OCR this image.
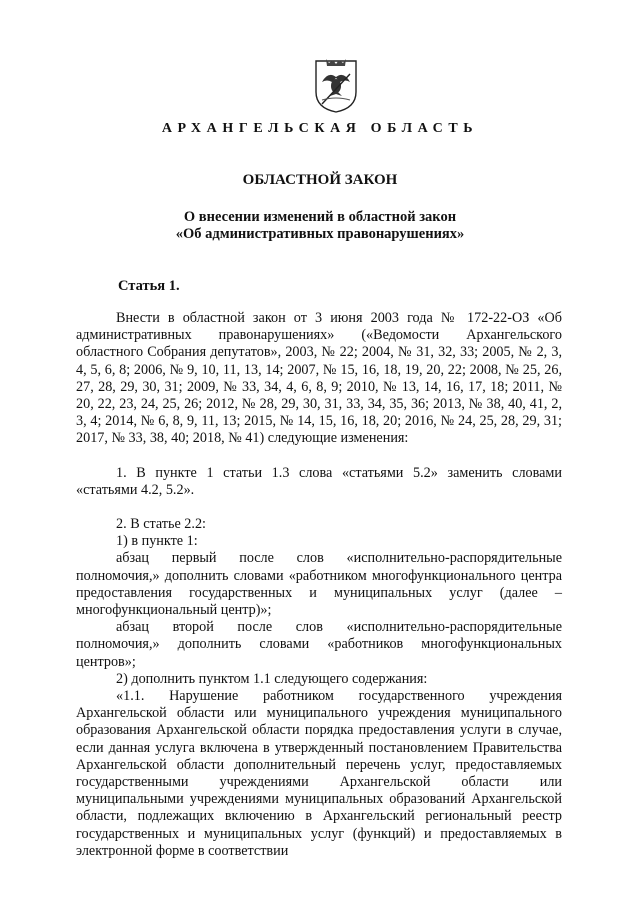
АРХАНГЕЛЬСКАЯ ОБЛАСТЬ
ОБЛАСТНОЙ ЗАКОН
О внесении изменений в областной закон
«Об административных правонарушениях»
Статья 1.

Внести в областной закон от 3 июня 2003 года № 172-22-ОЗ «Об административных правонарушениях» («Ведомости Архангельского областного Собрания депутатов», 2003, № 22; 2004, № 31, 32, 33; 2005, № 2, 3, 4, 5, 6, 8; 2006, № 9, 10, 11, 13, 14; 2007, № 15, 16, 18, 19, 20, 22; 2008, № 25, 26, 27, 28, 29, 30, 31; 2009, № 33, 34, 4, 6, 8, 9; 2010, № 13, 14, 16, 17, 18; 2011, № 20, 22, 23, 24, 25, 26; 2012, № 28, 29, 30, 31, 33, 34, 35, 36; 2013, № 38, 40, 41, 2, 3, 4; 2014, № 6, 8, 9, 11, 13; 2015, № 14, 15, 16, 18, 20; 2016, № 24, 25, 28, 29, 31; 2017, № 33, 38, 40; 2018, № 41) следующие изменения:

1. В пункте 1 статьи 1.3 слова «статьями 5.2» заменить словами «статьями 4.2, 5.2».

2. В статье 2.2:

1) в пункте 1:

абзац первый после слов «исполнительно-распорядительные полномочия,» дополнить словами «работником многофункционального центра предоставления государственных и муниципальных услуг (далее – многофункциональный центр)»;

абзац второй после слов «исполнительно-распорядительные полномочия,» дополнить словами «работников многофункциональных центров»;

2) дополнить пунктом 1.1 следующего содержания:

«1.1. Нарушение работником государственного учреждения Архангельской области или муниципального учреждения муниципального образования Архангельской области порядка предоставления услуги в случае, если данная услуга включена в утвержденный постановлением Правительства Архангельской области дополнительный перечень услуг, предоставляемых государственными учреждениями Архангельской области или муниципальными учреждениями муниципальных образований Архангельской области, подлежащих включению в Архангельский региональный реестр государственных и муниципальных услуг (функций) и предоставляемых в электронной форме в соответствии
